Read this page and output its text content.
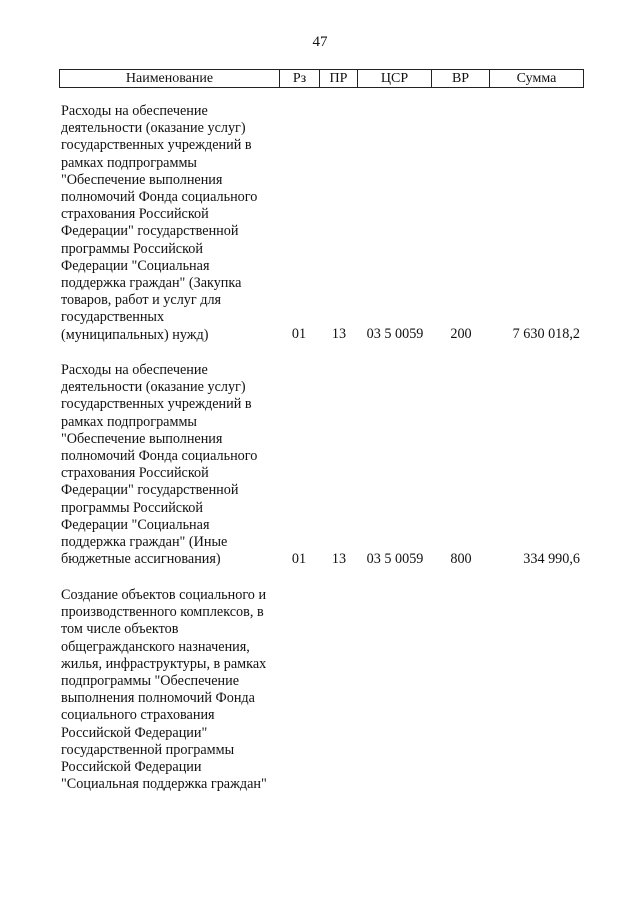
47
Наименование	Рз	ПР	ЦСР	ВР	Сумма
Расходы на обеспечение
деятельности (оказание услуг)
государственных учреждений в
рамках подпрограммы
"Обеспечение выполнения
полномочий Фонда социального
страхования Российской
Федерации" государственной
программы Российской
Федерации "Социальная
поддержка граждан" (Закупка
товаров, работ и услуг для
государственных
(муниципальных) нужд)	01	13	03 5 0059	200	7 630 018,2
Расходы на обеспечение
деятельности (оказание услуг)
государственных учреждений в
рамках подпрограммы
"Обеспечение выполнения
полномочий Фонда социального
страхования Российской
Федерации" государственной
программы Российской
Федерации "Социальная
поддержка граждан" (Иные
бюджетные ассигнования)	01	13	03 5 0059	800	334 990,6
Создание объектов социального и
производственного комплексов, в
том числе объектов
общегражданского назначения,
жилья, инфраструктуры, в рамках
подпрограммы "Обеспечение
выполнения полномочий Фонда
социального страхования
Российской Федерации"
государственной программы
Российской Федерации
"Социальная поддержка граждан"
